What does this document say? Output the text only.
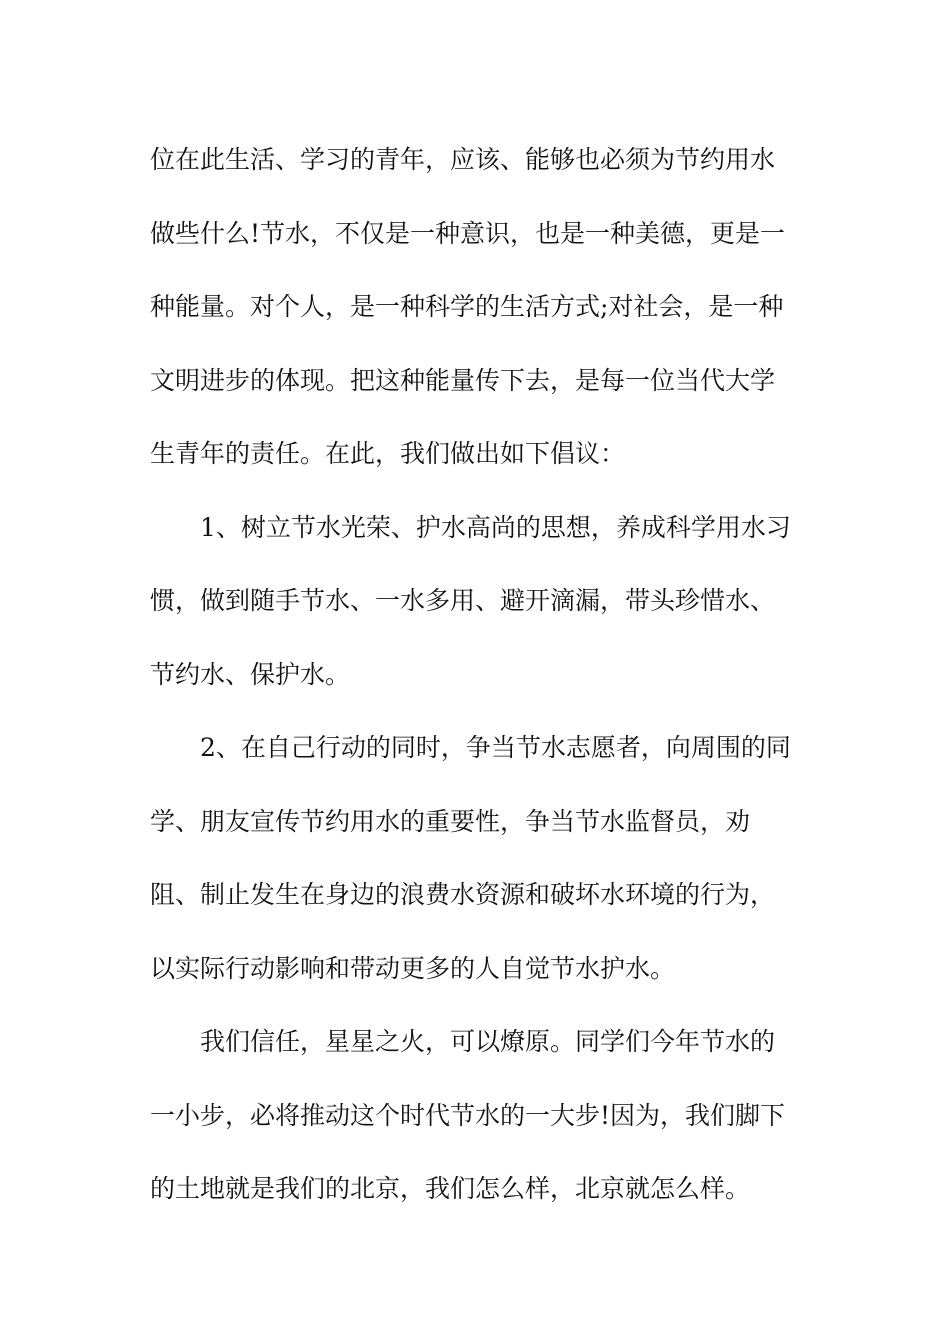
位在此生活、学习的青年，应该、能够也必须为节约用水
做些什么!节水，不仅是一种意识，也是一种美德，更是一
种能量。对个人，是一种科学的生活方式;对社会，是一种
文明进步的体现。把这种能量传下去，是每一位当代大学
生青年的责任。在此，我们做出如下倡议：
1、树立节水光荣、护水高尚的思想，养成科学用水习
惯，做到随手节水、一水多用、避开滴漏，带头珍惜水、
节约水、保护水。
2、在自己行动的同时，争当节水志愿者，向周围的同
学、朋友宣传节约用水的重要性，争当节水监督员，劝
阻、制止发生在身边的浪费水资源和破坏水环境的行为，
以实际行动影响和带动更多的人自觉节水护水。
我们信任，星星之火，可以燎原。同学们今年节水的
一小步，必将推动这个时代节水的一大步!因为，我们脚下
的土地就是我们的北京，我们怎么样，北京就怎么样。
